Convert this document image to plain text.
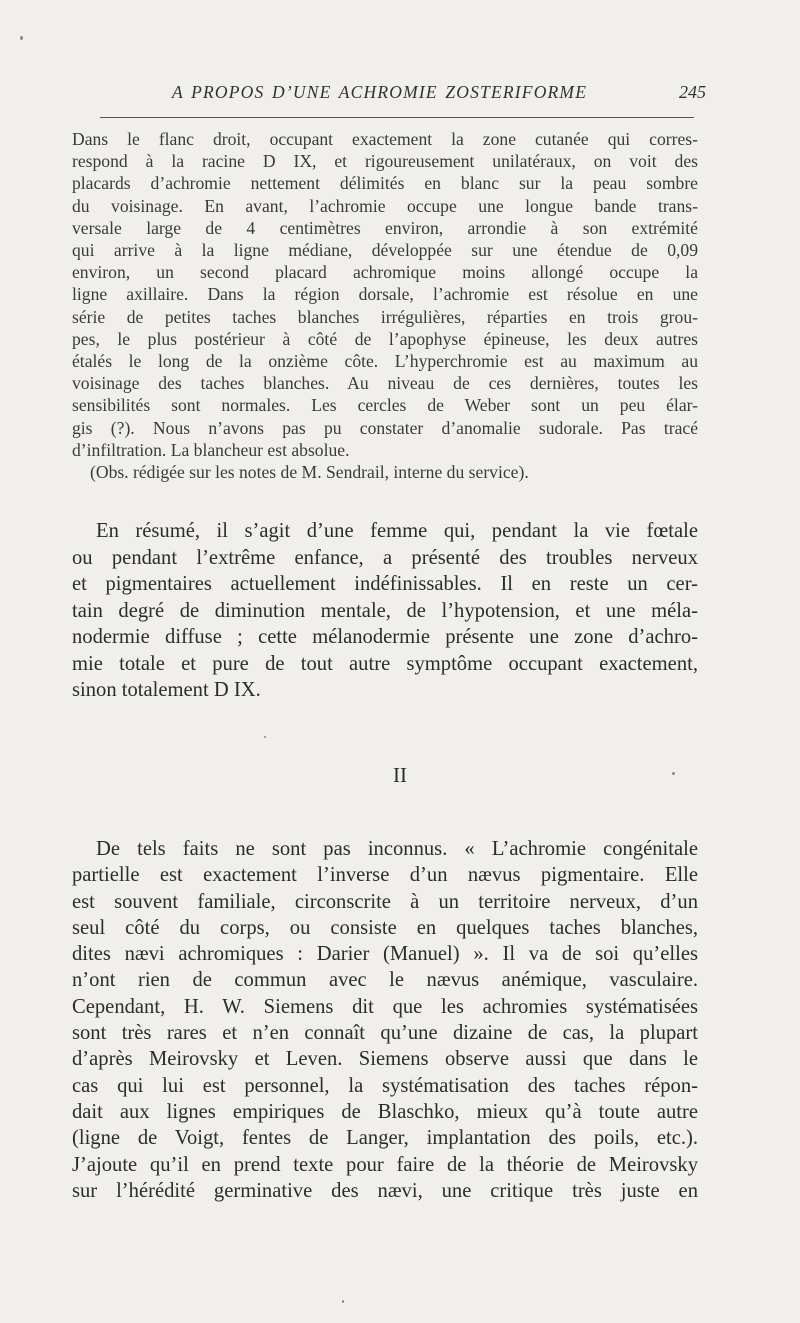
A PROPOS D’UNE ACHROMIE ZOSTERIFORME	245
Dans le flanc droit, occupant exactement la zone cutanée qui corres-
respond à la racine D IX, et rigoureusement unilatéraux, on voit des
placards d’achromie nettement délimités en blanc sur la peau sombre
du voisinage. En avant, l’achromie occupe une longue bande trans-
versale large de 4 centimètres environ, arrondie à son extrémité
qui arrive à la ligne médiane, développée sur une étendue de 0,09
environ, un second placard achromique moins allongé occupe la
ligne axillaire. Dans la région dorsale, l’achromie est résolue en une
série de petites taches blanches irrégulières, réparties en trois grou-
pes, le plus postérieur à côté de l’apophyse épineuse, les deux autres
étalés le long de la onzième côte. L’hyperchromie est au maximum au
voisinage des taches blanches. Au niveau de ces dernières, toutes les
sensibilités sont normales. Les cercles de Weber sont un peu élar-
gis (?). Nous n’avons pas pu constater d’anomalie sudorale. Pas tracé
d’infiltration. La blancheur est absolue.
(Obs. rédigée sur les notes de M. Sendrail, interne du service).
En résumé, il s’agit d’une femme qui, pendant la vie fœtale
ou pendant l’extrême enfance, a présenté des troubles nerveux
et pigmentaires actuellement indéfinissables. Il en reste un cer-
tain degré de diminution mentale, de l’hypotension, et une méla-
nodermie diffuse ; cette mélanodermie présente une zone d’achro-
mie totale et pure de tout autre symptôme occupant exactement,
sinon totalement D IX.
II
De tels faits ne sont pas inconnus. « L’achromie congénitale
partielle est exactement l’inverse d’un nævus pigmentaire. Elle
est souvent familiale, circonscrite à un territoire nerveux, d’un
seul côté du corps, ou consiste en quelques taches blanches,
dites nævi achromiques : Darier (Manuel) ». Il va de soi qu’elles
n’ont rien de commun avec le nævus anémique, vasculaire.
Cependant, H. W. Siemens dit que les achromies systématisées
sont très rares et n’en connaît qu’une dizaine de cas, la plupart
d’après Meirovsky et Leven. Siemens observe aussi que dans le
cas qui lui est personnel, la systématisation des taches répon-
dait aux lignes empiriques de Blaschko, mieux qu’à toute autre
(ligne de Voigt, fentes de Langer, implantation des poils, etc.).
J’ajoute qu’il en prend texte pour faire de la théorie de Meirovsky
sur l’hérédité germinative des nævi, une critique très juste en
